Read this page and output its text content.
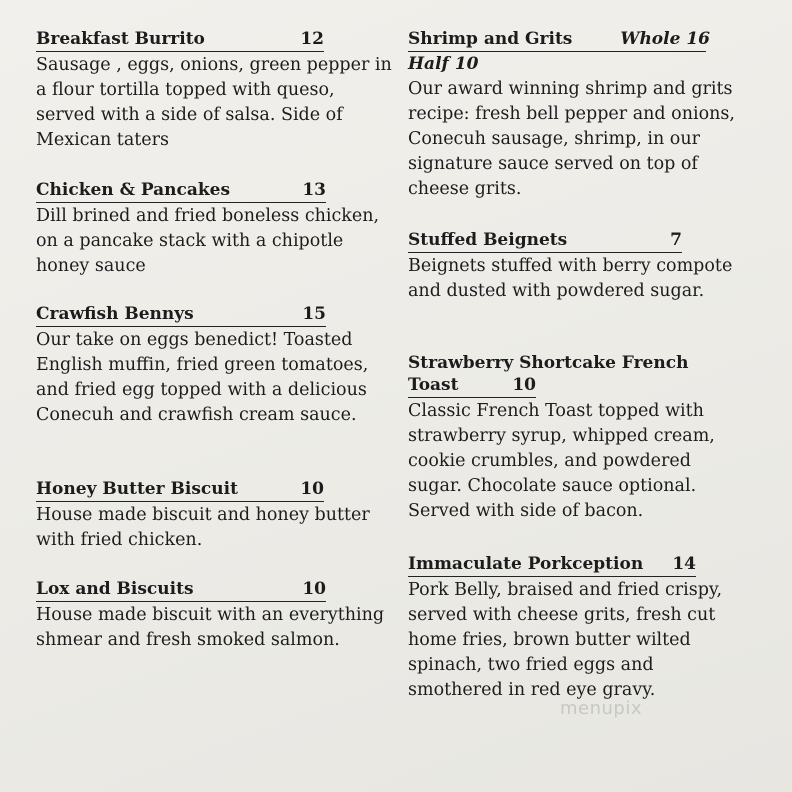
Breakfast Burrito	12
Sausage , eggs, onions, green pepper in a flour tortilla topped with queso, served with a side of salsa. Side of Mexican taters
Chicken & Pancakes	13
Dill brined and fried boneless chicken, on a pancake stack with a chipotle honey sauce
Crawfish Bennys	15
Our take on eggs benedict! Toasted English muffin, fried green tomatoes, and fried egg topped with a delicious Conecuh and crawfish cream sauce.
Honey Butter Biscuit	10
House made biscuit and honey butter with fried chicken.
Lox and Biscuits	10
House made biscuit with an everything shmear and fresh smoked salmon.
Shrimp and Grits	Whole 16
Half 10
Our award winning shrimp and grits recipe: fresh bell pepper and onions, Conecuh sausage, shrimp, in our signature sauce served on top of cheese grits.
Stuffed Beignets	7
Beignets stuffed with berry compote and dusted with powdered sugar.
Strawberry Shortcake French Toast	10
Classic French Toast topped with strawberry syrup, whipped cream, cookie crumbles, and powdered sugar. Chocolate sauce optional. Served with side of bacon.
Immaculate Porkception 14
Pork Belly, braised and fried crispy, served with cheese grits, fresh cut home fries, brown butter wilted spinach, two fried eggs and smothered in red eye gravy.
menupix
